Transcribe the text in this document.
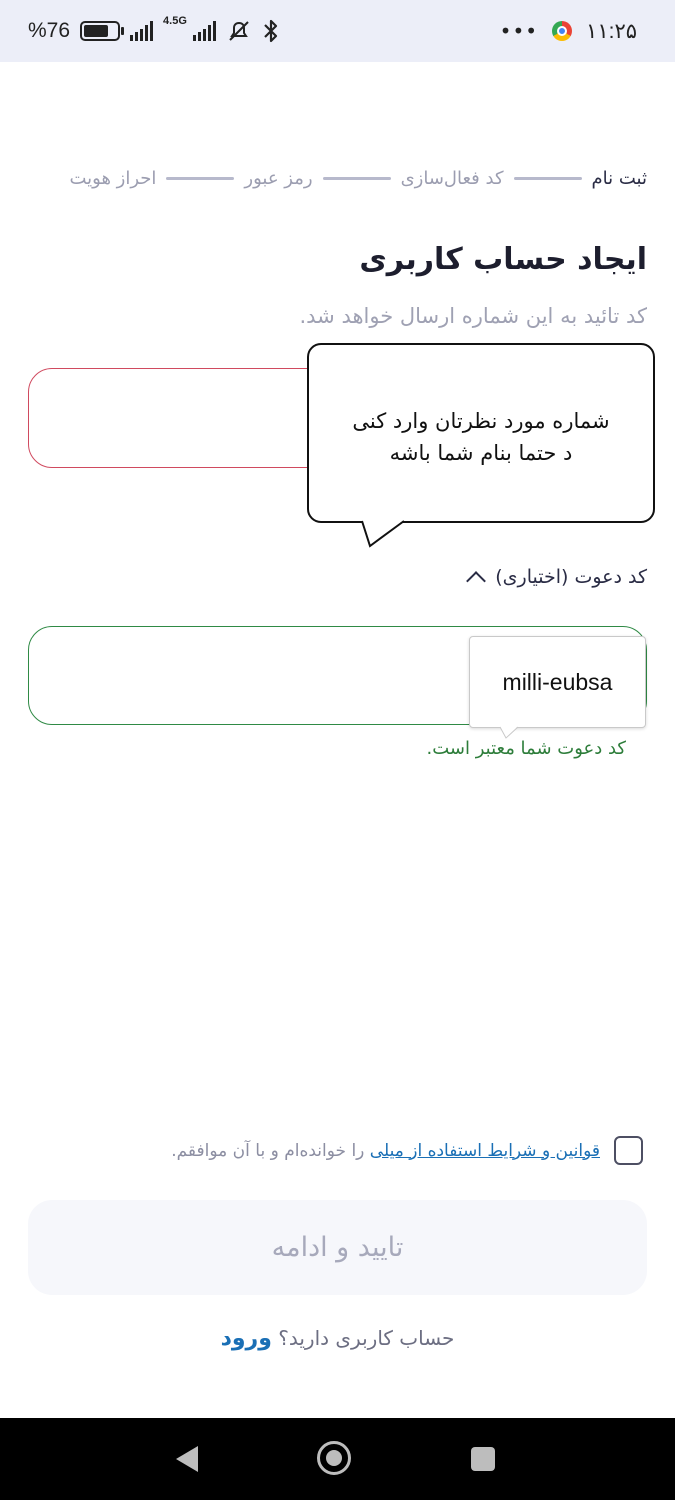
%76	4.5G	••• ۱۱:۲۵
ثبت نام
کد فعال‌سازی
رمز عبور
احراز هویت
ایجاد حساب کاربری
کد تائید به این شماره ارسال خواهد شد.
شماره مورد نظرتان وارد کنی
د حتما بنام شما باشه
کد دعوت (اختیاری)
milli-eubsa
کد دعوت شما معتبر است.
قوانین و شرایط استفاده از میلی را خوانده‌ام و با آن موافقم.
تایید و ادامه
حساب کاربری دارید؟ ورود
